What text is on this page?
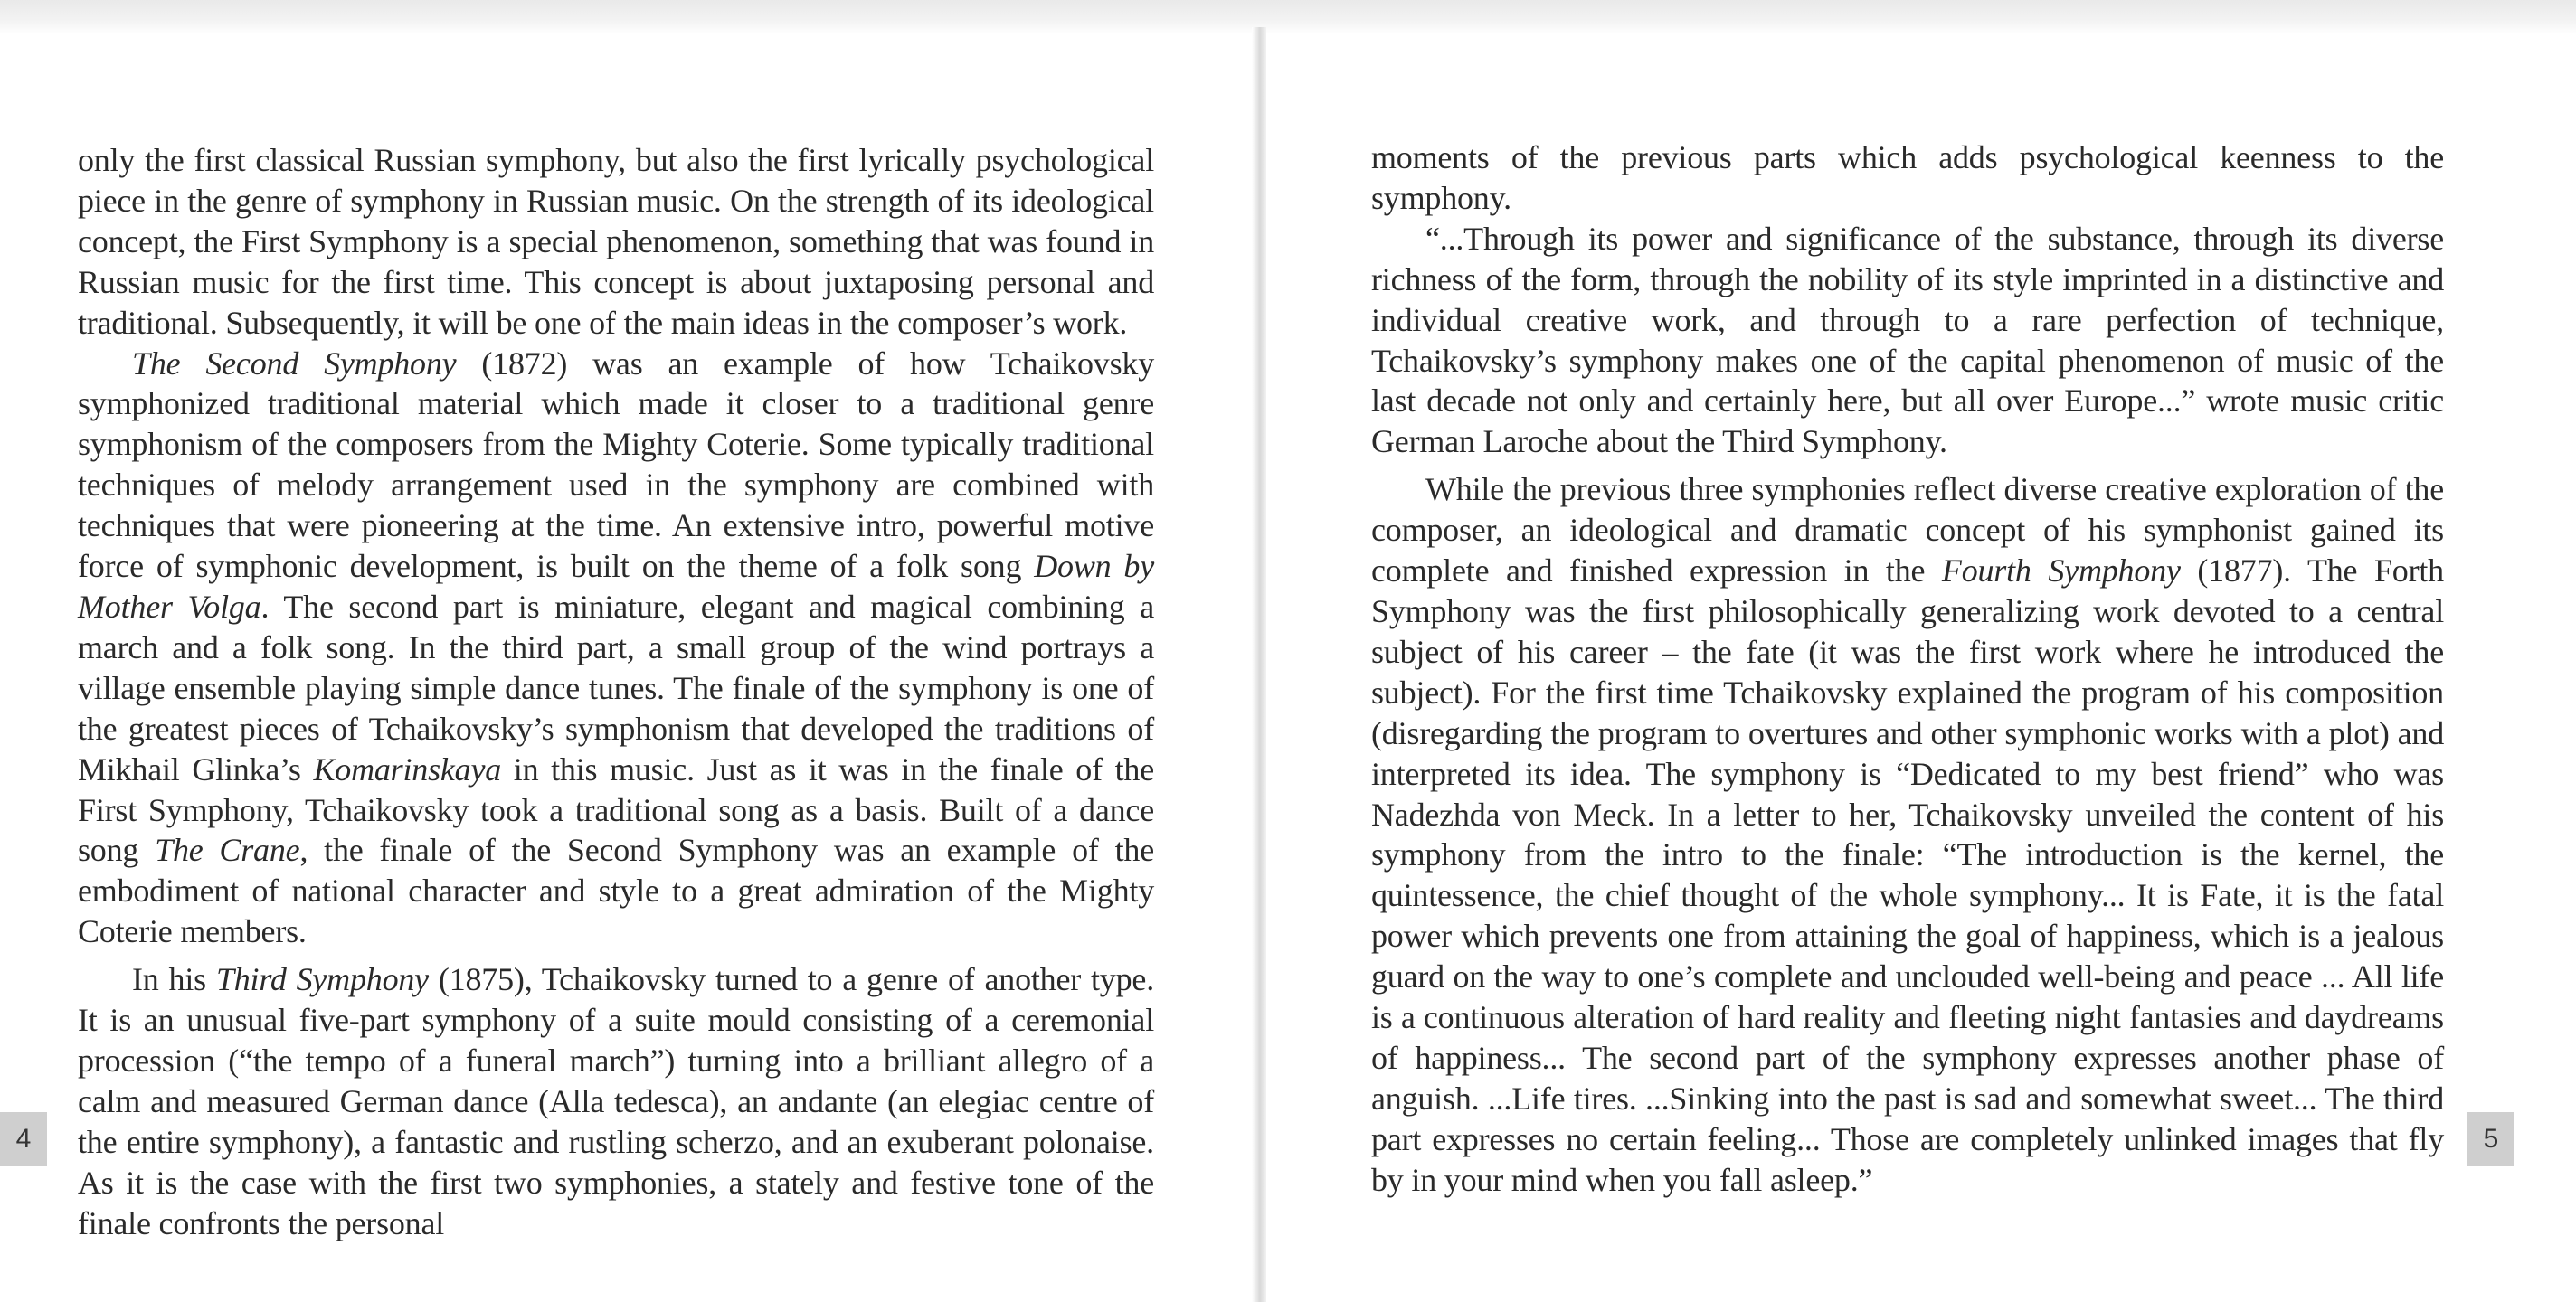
only the first classical Russian symphony, but also the first lyrically psychological piece in the genre of symphony in Russian music. On the strength of its ideological concept, the First Symphony is a special phenomenon, something that was found in Russian music for the first time. This concept is about juxtaposing personal and traditional. Subsequently, it will be one of the main ideas in the composer’s work.

The Second Symphony (1872) was an example of how Tchaikovsky symphonized traditional material which made it closer to a traditional genre symphonism of the composers from the Mighty Coterie. Some typically traditional techniques of melody arrangement used in the symphony are combined with techniques that were pioneering at the time. An extensive intro, powerful motive force of symphonic development, is built on the theme of a folk song Down by Mother Volga. The second part is miniature, elegant and magical combining a march and a folk song. In the third part, a small group of the wind portrays a village ensemble playing simple dance tunes. The finale of the symphony is one of the greatest pieces of Tchaikovsky’s symphonism that developed the traditions of Mikhail Glinka’s Komarinskaya in this music. Just as it was in the finale of the First Symphony, Tchaikovsky took a traditional song as a basis. Built of a dance song The Crane, the finale of the Second Symphony was an example of the embodiment of national character and style to a great admiration of the Mighty Coterie members.

In his Third Symphony (1875), Tchaikovsky turned to a genre of another type. It is an unusual five-part symphony of a suite mould consisting of a ceremonial procession (“the tempo of a funeral march”) turning into a brilliant allegro of a calm and measured German dance (Alla tedesca), an andante (an elegiac centre of the entire symphony), a fantastic and rustling scherzo, and an exuberant polonaise. As it is the case with the first two symphonies, a stately and festive tone of the finale confronts the personal

4

moments of the previous parts which adds psychological keenness to the symphony.

“...Through its power and significance of the substance, through its diverse richness of the form, through the nobility of its style imprinted in a distinctive and individual creative work, and through to a rare perfection of technique, Tchaikovsky’s symphony makes one of the capital phenomenon of music of the last decade not only and certainly here, but all over Europe...” wrote music critic German Laroche about the Third Symphony.

While the previous three symphonies reflect diverse creative exploration of the composer, an ideological and dramatic concept of his symphonist gained its complete and finished expression in the Fourth Symphony (1877). The Forth Symphony was the first philosophically generalizing work devoted to a central subject of his career – the fate (it was the first work where he introduced the subject). For the first time Tchaikovsky explained the program of his composition (disregarding the program to overtures and other symphonic works with a plot) and interpreted its idea. The symphony is “Dedicated to my best friend” who was Nadezhda von Meck. In a letter to her, Tchaikovsky unveiled the content of his symphony from the intro to the finale: “The introduction is the kernel, the quintessence, the chief thought of the whole symphony... It is Fate, it is the fatal power which prevents one from attaining the goal of happiness, which is a jealous guard on the way to one’s complete and unclouded well-being and peace ... All life is a continuous alteration of hard reality and fleeting night fantasies and daydreams of happiness... The second part of the symphony expresses another phase of anguish. ...Life tires. ...Sinking into the past is sad and somewhat sweet... The third part expresses no certain feeling... Those are completely unlinked images that fly by in your mind when you fall asleep.”

5
